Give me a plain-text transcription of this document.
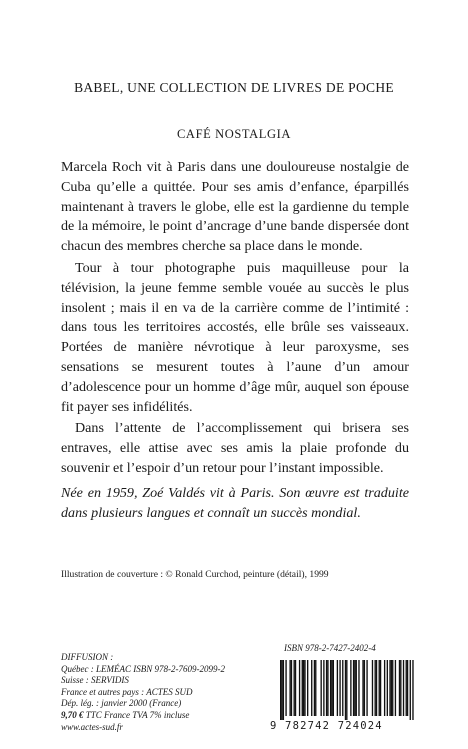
BABEL, UNE COLLECTION DE LIVRES DE POCHE
CAFÉ NOSTALGIA

Marcela Roch vit à Paris dans une douloureuse nostalgie de Cuba qu’elle a quittée. Pour ses amis d’enfance, éparpillés maintenant à travers le globe, elle est la gardienne du temple de la mémoire, le point d’ancrage d’une bande dispersée dont chacun des membres cherche sa place dans le monde.

Tour à tour photographe puis maquilleuse pour la télévision, la jeune femme semble vouée au succès le plus insolent ; mais il en va de la carrière comme de l’intimité : dans tous les territoires accostés, elle brûle ses vaisseaux. Portées de manière névrotique à leur paroxysme, ses sensations se mesurent toutes à l’aune d’un amour d’adolescence pour un homme d’âge mûr, auquel son épouse fit payer ses infidélités.

Dans l’attente de l’accomplissement qui brisera ses entraves, elle attise avec ses amis la plaie profonde du souvenir et l’espoir d’un retour pour l’instant impossible.

Née en 1959, Zoé Valdés vit à Paris. Son œuvre est traduite dans plusieurs langues et connaît un succès mondial.
Illustration de couverture : © Ronald Curchod, peinture (détail), 1999
ISBN 978-2-7427-2402-4
DIFFUSION :
Québec : LEMÉAC ISBN 978-2-7609-2099-2
Suisse : SERVIDIS
France et autres pays : ACTES SUD
Dép. lég. : janvier 2000 (France)
9,70 € TTC France TVA 7% incluse
www.actes-sud.fr	9 782742 724024
